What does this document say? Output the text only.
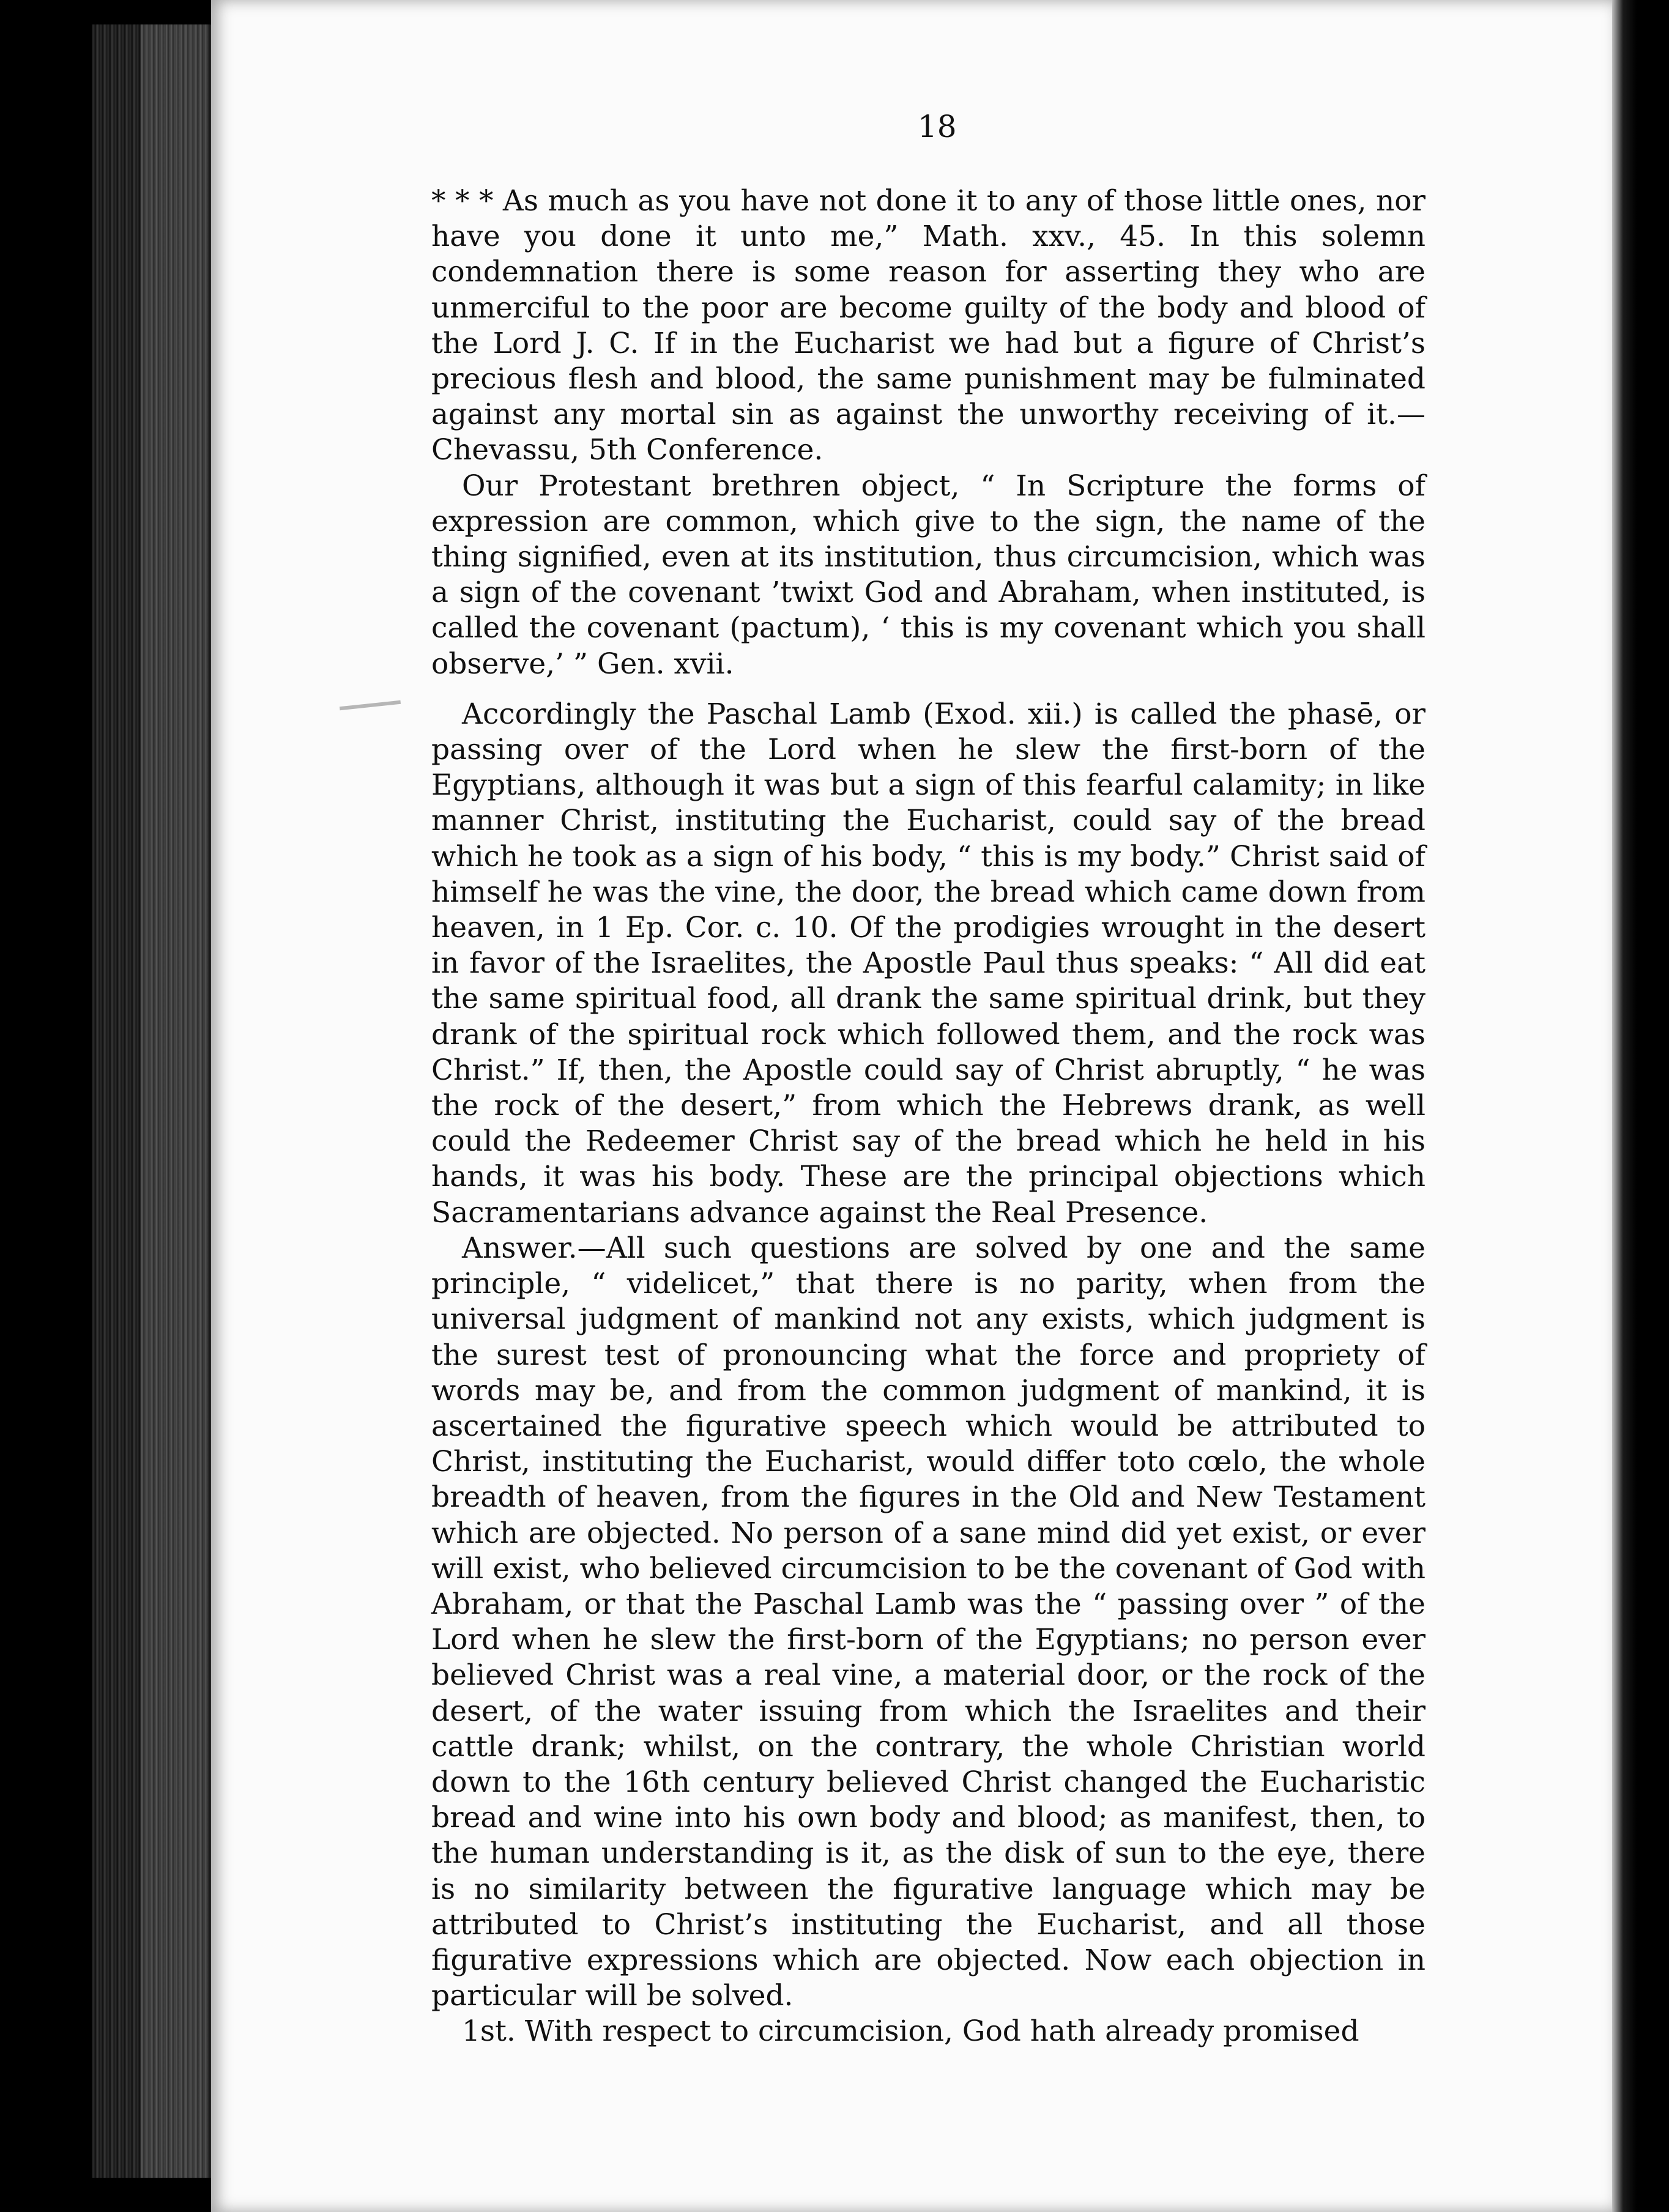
18

* * * As much as you have not done it to any of those little ones, nor have you done it unto me,” Math. xxv., 45. In this solemn condemnation there is some reason for asserting they who are unmerciful to the poor are become guilty of the body and blood of the Lord J. C. If in the Eucharist we had but a figure of Christ’s precious flesh and blood, the same punishment may be fulminated against any mortal sin as against the unworthy receiving of it.—Chevassu, 5th Conference.

Our Protestant brethren object, “ In Scripture the forms of expression are common, which give to the sign, the name of the thing signified, even at its institution, thus circumcision, which was a sign of the covenant ’twixt God and Abraham, when instituted, is called the covenant (pactum), ‘ this is my covenant which you shall observe,’ ” Gen. xvii.

Accordingly the Paschal Lamb (Exod. xii.) is called the phasē, or passing over of the Lord when he slew the first-born of the Egyptians, although it was but a sign of this fearful calamity; in like manner Christ, instituting the Eucharist, could say of the bread which he took as a sign of his body, “ this is my body.” Christ said of himself he was the vine, the door, the bread which came down from heaven, in 1 Ep. Cor. c. 10. Of the prodigies wrought in the desert in favor of the Israelites, the Apostle Paul thus speaks: “ All did eat the same spiritual food, all drank the same spiritual drink, but they drank of the spiritual rock which followed them, and the rock was Christ.” If, then, the Apostle could say of Christ abruptly, “ he was the rock of the desert,” from which the Hebrews drank, as well could the Redeemer Christ say of the bread which he held in his hands, it was his body. These are the principal objections which Sacramentarians advance against the Real Presence.

Answer.—All such questions are solved by one and the same principle, “ videlicet,” that there is no parity, when from the universal judgment of mankind not any exists, which judgment is the surest test of pronouncing what the force and propriety of words may be, and from the common judgment of mankind, it is ascertained the figurative speech which would be attributed to Christ, instituting the Eucharist, would differ toto cœlo, the whole breadth of heaven, from the figures in the Old and New Testament which are objected. No person of a sane mind did yet exist, or ever will exist, who believed circumcision to be the covenant of God with Abraham, or that the Paschal Lamb was the “ passing over ” of the Lord when he slew the first-born of the Egyptians; no person ever believed Christ was a real vine, a material door, or the rock of the desert, of the water issuing from which the Israelites and their cattle drank; whilst, on the contrary, the whole Christian world down to the 16th century believed Christ changed the Eucharistic bread and wine into his own body and blood; as manifest, then, to the human understanding is it, as the disk of sun to the eye, there is no similarity between the figurative language which may be attributed to Christ’s instituting the Eucharist, and all those figurative expressions which are objected. Now each objection in particular will be solved.

1st. With respect to circumcision, God hath already promised
